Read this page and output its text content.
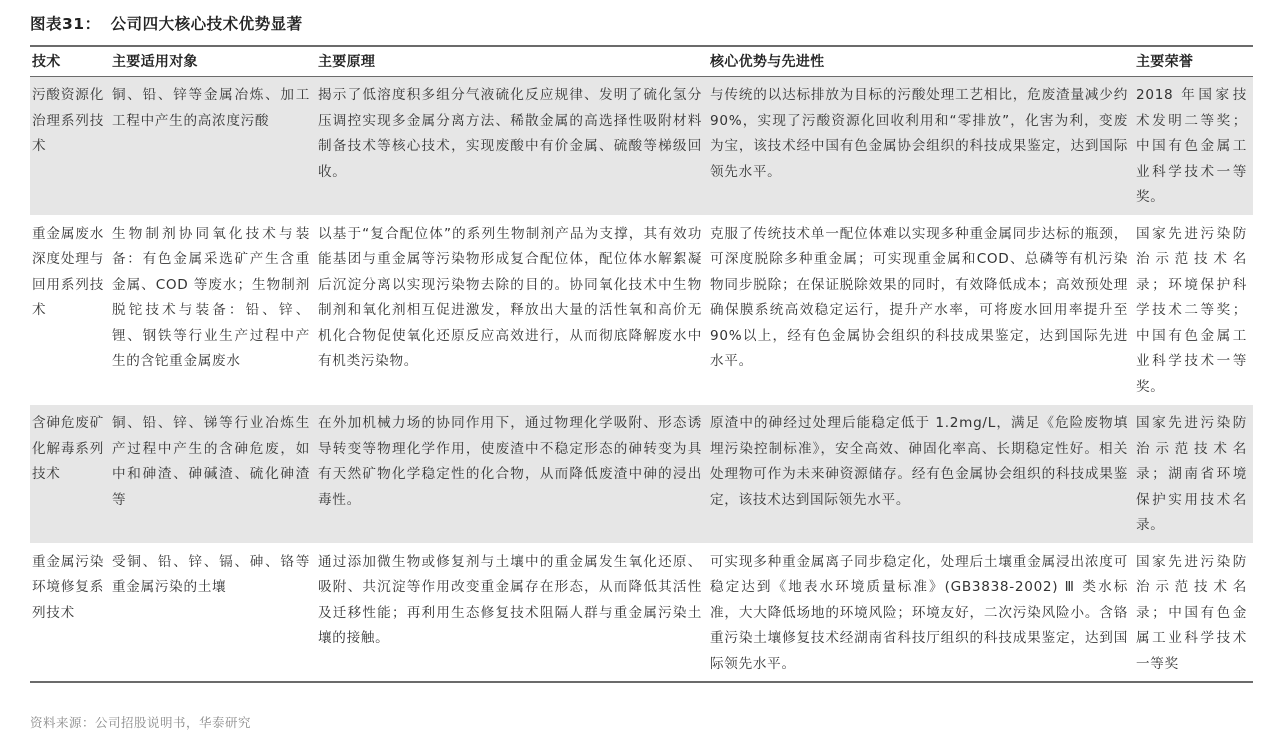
图表31： 公司四大核心技术优势显著
技术	主要适用对象	主要原理	核心优势与先进性	主要荣誉
污酸资源化治理系列技术	铜、铅、锌等金属冶炼、加工工程中产生的高浓度污酸	揭示了低溶度积多组分气液硫化反应规律、发明了硫化氢分压调控实现多金属分离方法、稀散金属的高选择性吸附材料制备技术等核心技术，实现废酸中有价金属、硫酸等梯级回收。	与传统的以达标排放为目标的污酸处理工艺相比，危废渣量减少约 90%，实现了污酸资源化回收利用和“零排放”，化害为利，变废为宝，该技术经中国有色金属协会组织的科技成果鉴定，达到国际领先水平。	2018 年国家技术发明二等奖；中国有色金属工业科学技术一等奖。
重金属废水深度处理与回用系列技术	生物制剂协同氧化技术与装备：有色金属采选矿产生含重金属、COD 等废水；生物制剂脱铊技术与装备：铅、锌、锂、钢铁等行业生产过程中产生的含铊重金属废水	以基于“复合配位体”的系列生物制剂产品为支撑，其有效功能基团与重金属等污染物形成复合配位体，配位体水解絮凝后沉淀分离以实现污染物去除的目的。协同氧化技术中生物制剂和氧化剂相互促进激发，释放出大量的活性氧和高价无机化合物促使氧化还原反应高效进行，从而彻底降解废水中有机类污染物。	克服了传统技术单一配位体难以实现多种重金属同步达标的瓶颈，可深度脱除多种重金属；可实现重金属和COD、总磷等有机污染物同步脱除；在保证脱除效果的同时，有效降低成本；高效预处理确保膜系统高效稳定运行，提升产水率，可将废水回用率提升至 90%以上，经有色金属协会组织的科技成果鉴定，达到国际先进水平。	国家先进污染防治示范技术名录；环境保护科学技术二等奖；中国有色金属工业科学技术一等奖。
含砷危废矿化解毒系列技术	铜、铅、锌、锑等行业冶炼生产过程中产生的含砷危废，如中和砷渣、砷碱渣、硫化砷渣等	在外加机械力场的协同作用下，通过物理化学吸附、形态诱导转变等物理化学作用，使废渣中不稳定形态的砷转变为具有天然矿物化学稳定性的化合物，从而降低废渣中砷的浸出毒性。	原渣中的砷经过处理后能稳定低于 1.2mg/L，满足《危险废物填埋污染控制标准》，安全高效、砷固化率高、长期稳定性好。相关处理物可作为未来砷资源储存。经有色金属协会组织的科技成果鉴定，该技术达到国际领先水平。	国家先进污染防治示范技术名录；湖南省环境保护实用技术名录。
重金属污染环境修复系列技术	受铜、铅、锌、镉、砷、铬等重金属污染的土壤	通过添加微生物或修复剂与土壤中的重金属发生氧化还原、吸附、共沉淀等作用改变重金属存在形态，从而降低其活性及迁移性能；再利用生态修复技术阻隔人群与重金属污染土壤的接触。	可实现多种重金属离子同步稳定化，处理后土壤重金属浸出浓度可稳定达到《地表水环境质量标准》(GB3838-2002) Ⅲ 类水标准，大大降低场地的环境风险；环境友好，二次污染风险小。含铬重污染土壤修复技术经湖南省科技厅组织的科技成果鉴定，达到国际领先水平。	国家先进污染防治示范技术名录；中国有色金属工业科学技术一等奖
资料来源：公司招股说明书，华泰研究
